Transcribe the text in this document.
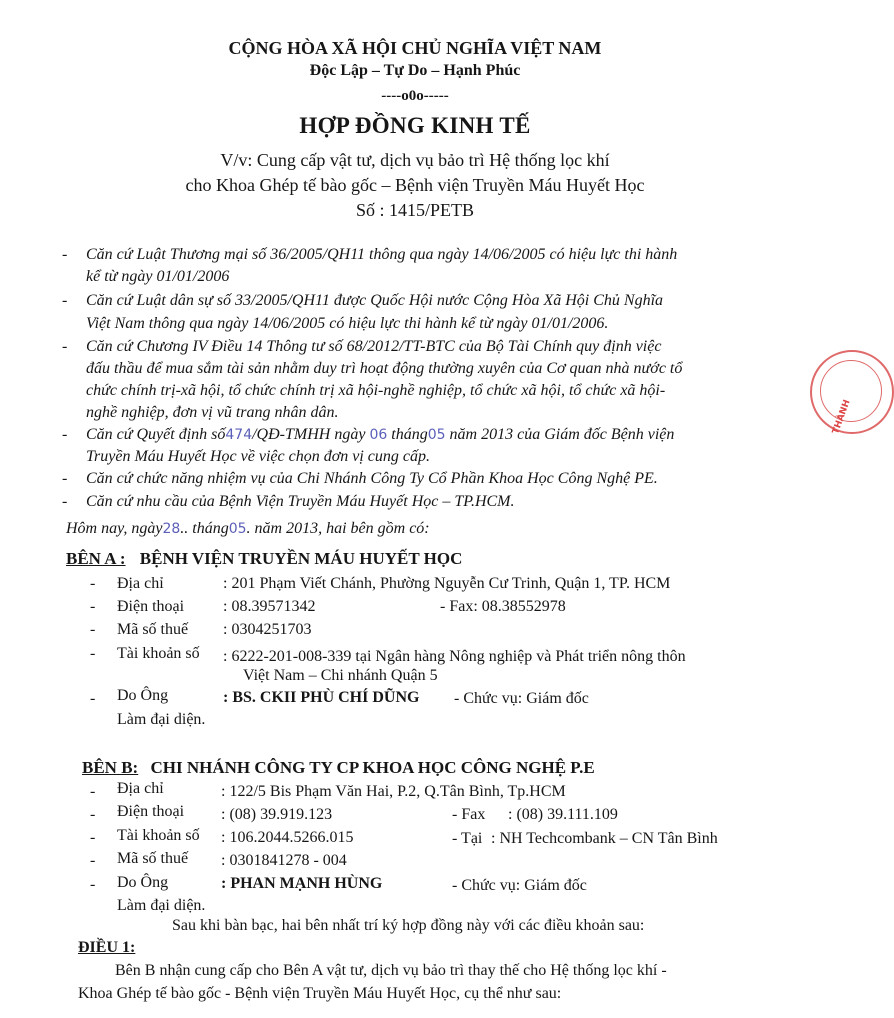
CỘNG HÒA XÃ HỘI CHỦ NGHĨA VIỆT NAM
Độc Lập – Tự Do – Hạnh Phúc
----o0o-----
HỢP ĐỒNG KINH TẾ
V/v: Cung cấp vật tư, dịch vụ bảo trì Hệ thống lọc khí
cho Khoa Ghép tế bào gốc – Bệnh viện Truyền Máu Huyết Học
Số : 1415/PETB
- Căn cứ Luật Thương mại số 36/2005/QH11 thông qua ngày 14/06/2005 có hiệu lực thi hành
kể từ ngày 01/01/2006
- Căn cứ Luật dân sự số 33/2005/QH11 được Quốc Hội nước Cộng Hòa Xã Hội Chủ Nghĩa
Việt Nam thông qua ngày 14/06/2005 có hiệu lực thi hành kể từ ngày 01/01/2006.
- Căn cứ Chương IV Điều 14 Thông tư số 68/2012/TT-BTC của Bộ Tài Chính quy định việc
đấu thầu để mua sắm tài sản nhằm duy trì hoạt động thường xuyên của Cơ quan nhà nước tổ
chức chính trị-xã hội, tổ chức chính trị xã hội-nghề nghiệp, tổ chức xã hội, tổ chức xã hội-
nghề nghiệp, đơn vị vũ trang nhân dân.
- Căn cứ Quyết định số474/QĐ-TMHH ngày 06 tháng05 năm 2013 của Giám đốc Bệnh viện
Truyền Máu Huyết Học về việc chọn đơn vị cung cấp.
- Căn cứ chức năng nhiệm vụ của Chi Nhánh Công Ty Cổ Phần Khoa Học Công Nghệ PE.
- Căn cứ nhu cầu của Bệnh Viện Truyền Máu Huyết Học – TP.HCM.
Hôm nay, ngày28.. tháng05. năm 2013, hai bên gồm có:
BÊN A : BỆNH VIỆN TRUYỀN MÁU HUYẾT HỌC
- Địa chỉ	: 201 Phạm Viết Chánh, Phường Nguyễn Cư Trinh, Quận 1, TP. HCM
- Điện thoại : 08.39571342	- Fax: 08.38552978
- Mã số thuế : 0304251703
- Tài khoản số : 6222-201-008-339 tại Ngân hàng Nông nghiệp và Phát triển nông thôn
Việt Nam – Chi nhánh Quận 5
- Do Ông	: BS. CKII PHÙ CHÍ DŨNG - Chức vụ: Giám đốc
Làm đại diện.
BÊN B: CHI NHÁNH CÔNG TY CP KHOA HỌC CÔNG NGHỆ P.E
- Địa chỉ	: 122/5 Bis Phạm Văn Hai, P.2, Q.Tân Bình, Tp.HCM
- Điện thoại : (08) 39.919.123	- Fax : (08) 39.111.109
- Tài khoản số : 106.2044.5266.015	- Tại : NH Techcombank – CN Tân Bình
- Mã số thuế : 0301841278 - 004
- Do Ông	: PHAN MẠNH HÙNG	- Chức vụ: Giám đốc
Làm đại diện.
Sau khi bàn bạc, hai bên nhất trí ký hợp đồng này với các điều khoản sau:
ĐIỀU 1:
Bên B nhận cung cấp cho Bên A vật tư, dịch vụ bảo trì thay thế cho Hệ thống lọc khí -
Khoa Ghép tế bào gốc - Bệnh viện Truyền Máu Huyết Học, cụ thể như sau:
THÀNH
